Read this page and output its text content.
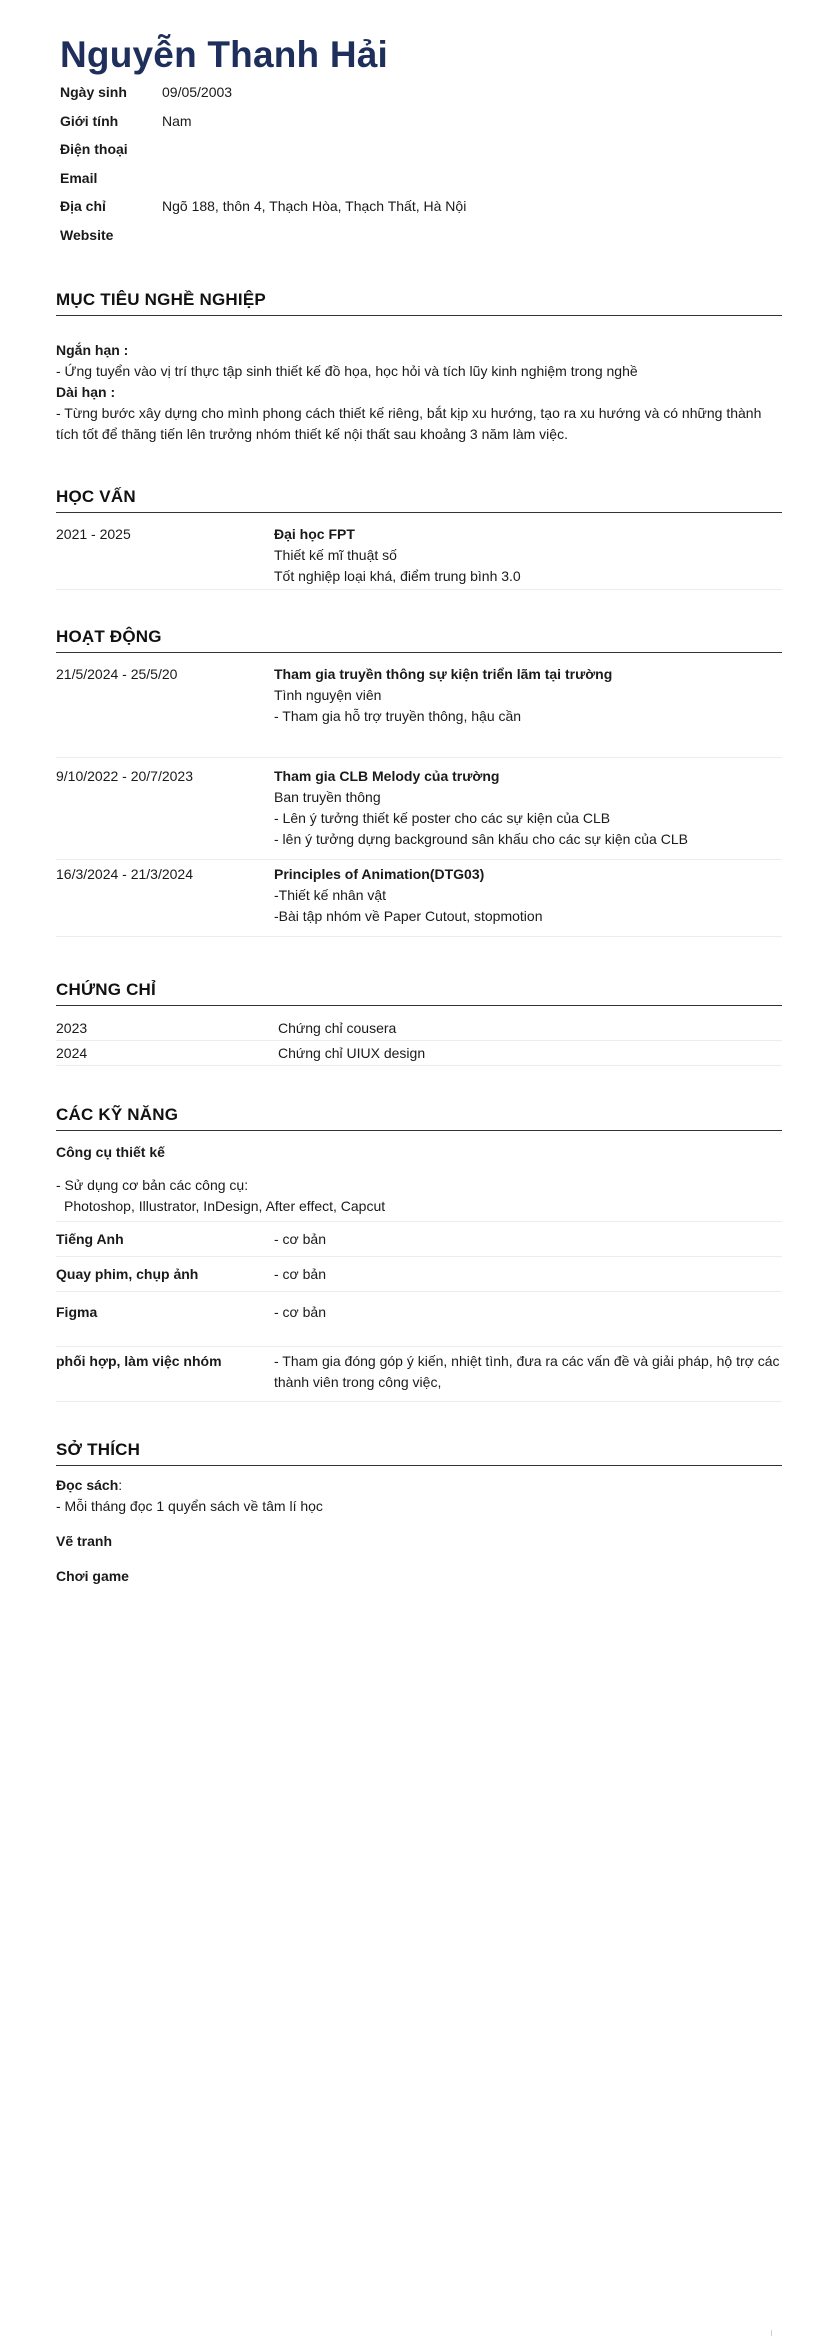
Nguyễn Thanh Hải
Ngày sinh	09/05/2003
Giới tính	Nam
Điện thoại
Email
Địa chỉ	Ngõ 188, thôn 4, Thạch Hòa, Thạch Thất, Hà Nội
Website
MỤC TIÊU NGHỀ NGHIỆP
Ngắn hạn :
- Ứng tuyển vào vị trí thực tập sinh thiết kế đồ họa, học hỏi và tích lũy kinh nghiệm trong nghề
Dài hạn :
- Từng bước xây dựng cho mình phong cách thiết kế riêng, bắt kịp xu hướng, tạo ra xu hướng và có những thành tích tốt để thăng tiến lên trưởng nhóm thiết kế nội thất sau khoảng 3 năm làm việc.
HỌC VẤN
2021 - 2025	Đại học FPT
Thiết kế mĩ thuật số
Tốt nghiệp loại khá, điểm trung bình 3.0
HOẠT ĐỘNG
21/5/2024 - 25/5/20	Tham gia truyền thông sự kiện triển lãm tại trường
Tình nguyện viên
- Tham gia hỗ trợ truyền thông, hậu cần
9/10/2022 - 20/7/2023	Tham gia CLB Melody của trường
Ban truyền thông
- Lên ý tưởng thiết kế poster cho các sự kiện của CLB
- lên ý tưởng dựng background sân khấu cho các sự kiện của CLB
16/3/2024 - 21/3/2024	Principles of Animation(DTG03)
-Thiết kế nhân vật
-Bài tập nhóm về Paper Cutout, stopmotion
CHỨNG CHỈ
2023	Chứng chỉ cousera
2024	Chứng chỉ UIUX design
CÁC KỸ NĂNG
Công cụ thiết kế
- Sử dụng cơ bản các công cụ:
Photoshop, Illustrator, InDesign, After effect, Capcut
Tiếng Anh	- cơ bản
Quay phim, chụp ảnh	- cơ bản
Figma	- cơ bản
phối hợp, làm việc nhóm	- Tham gia đóng góp ý kiến, nhiệt tình, đưa ra các vấn đề và giải pháp, hộ trợ các thành viên trong công việc,
SỞ THÍCH
Đọc sách:
- Mỗi tháng đọc 1 quyển sách về tâm lí học
Vẽ tranh
Chơi game
